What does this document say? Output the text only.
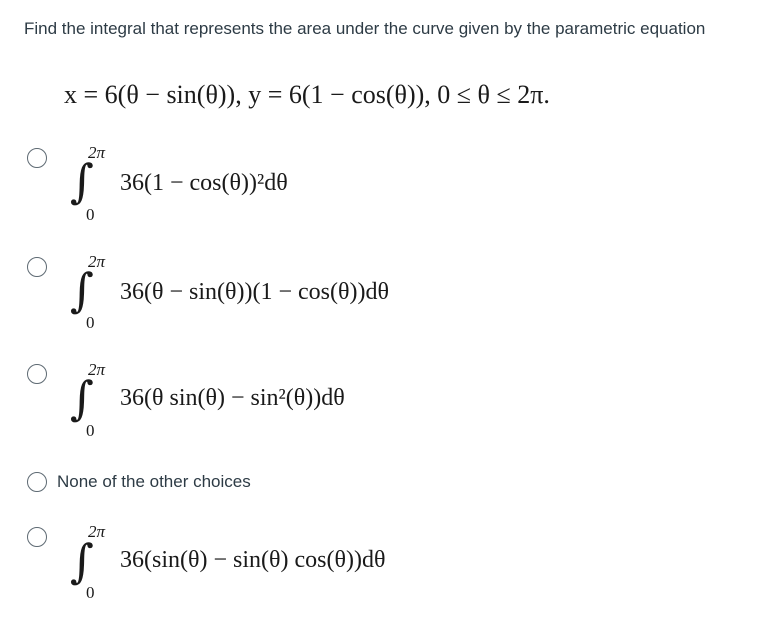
Find the integral that represents the area under the curve given by the parametric equation
x = 6(θ − sin(θ)), y = 6(1 − cos(θ)), 0 ≤ θ ≤ 2π.
2π
∫
0
36(1 − cos(θ))²dθ
2π
∫
0
36(θ − sin(θ))(1 − cos(θ))dθ
2π
∫
0
36(θ sin(θ) − sin²(θ))dθ
None of the other choices
2π
∫
0
36(sin(θ) − sin(θ) cos(θ))dθ
